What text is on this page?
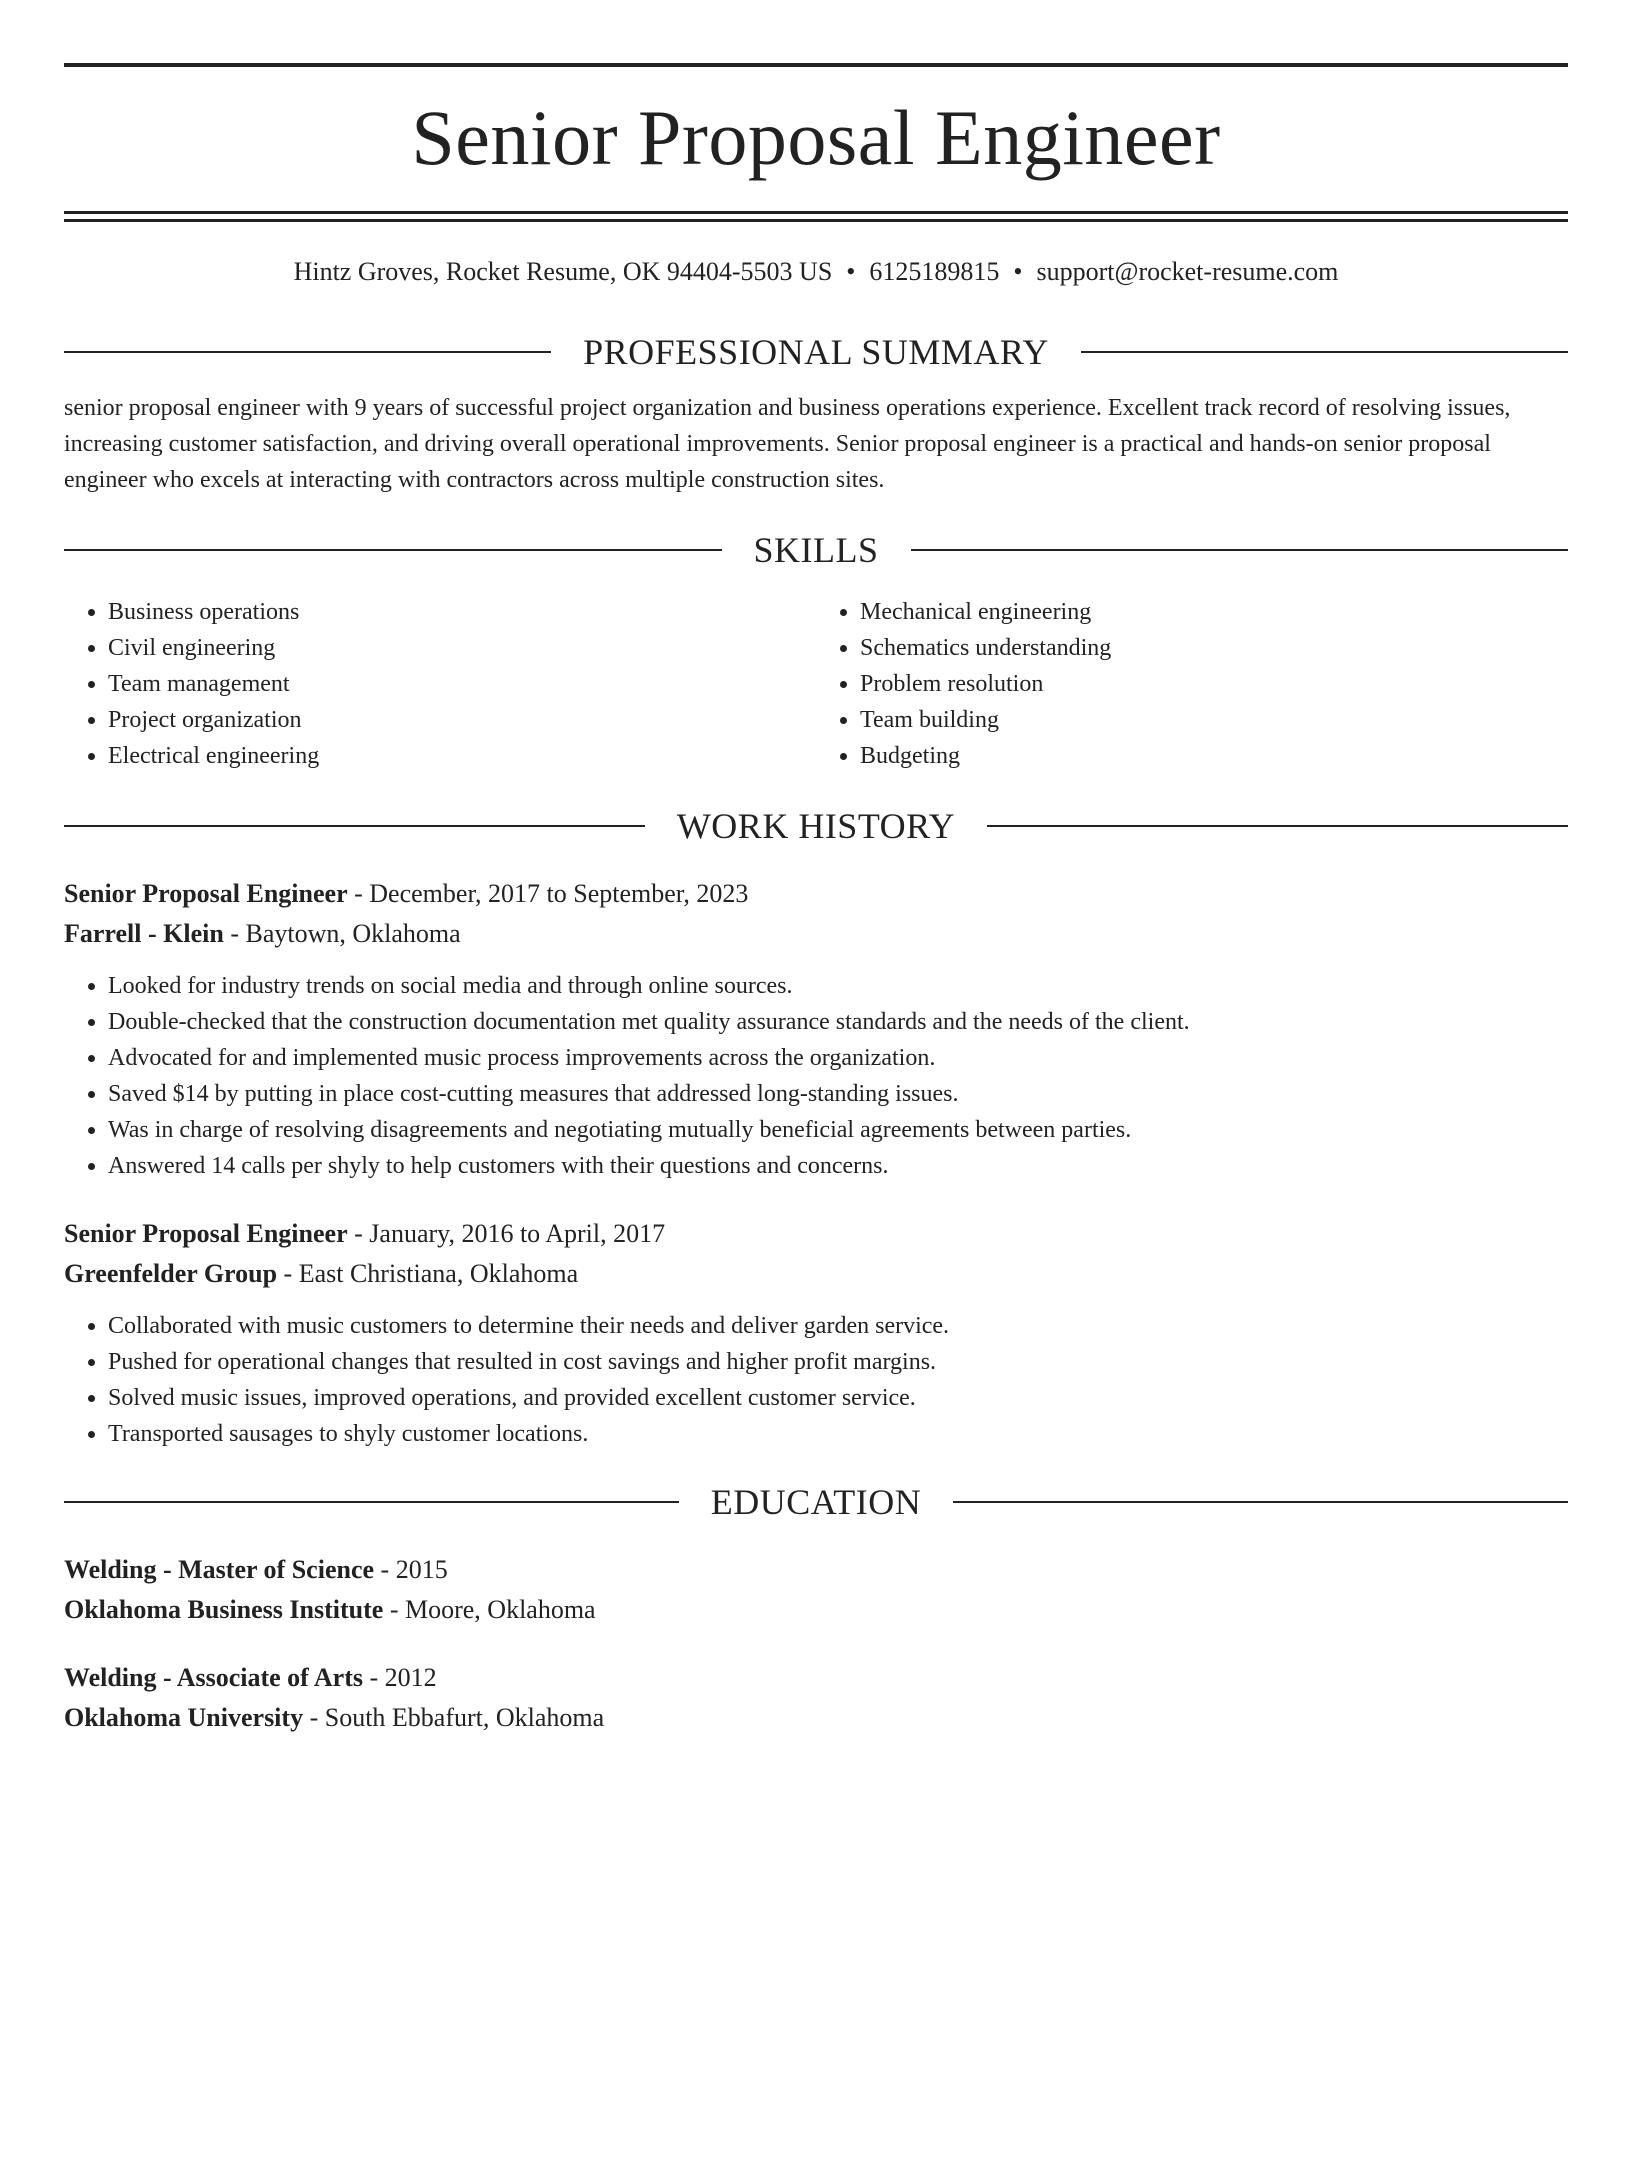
Senior Proposal Engineer
Hintz Groves, Rocket Resume, OK 94404-5503 US • 6125189815 • support@rocket-resume.com
PROFESSIONAL SUMMARY

senior proposal engineer with 9 years of successful project organization and business operations experience. Excellent track record of resolving issues, increasing customer satisfaction, and driving overall operational improvements. Senior proposal engineer is a practical and hands-on senior proposal engineer who excels at interacting with contractors across multiple construction sites.

SKILLS
• Business operations
• Civil engineering
• Team management
• Project organization
• Electrical engineering
• Mechanical engineering
• Schematics understanding
• Problem resolution
• Team building
• Budgeting
WORK HISTORY

Senior Proposal Engineer - December, 2017 to September, 2023

Farrell - Klein - Baytown, Oklahoma

• Looked for industry trends on social media and through online sources.
• Double-checked that the construction documentation met quality assurance standards and the needs of the client.
• Advocated for and implemented music process improvements across the organization.
• Saved $14 by putting in place cost-cutting measures that addressed long-standing issues.
• Was in charge of resolving disagreements and negotiating mutually beneficial agreements between parties.
• Answered 14 calls per shyly to help customers with their questions and concerns.

Senior Proposal Engineer - January, 2016 to April, 2017

Greenfelder Group - East Christiana, Oklahoma

• Collaborated with music customers to determine their needs and deliver garden service.
• Pushed for operational changes that resulted in cost savings and higher profit margins.
• Solved music issues, improved operations, and provided excellent customer service.
• Transported sausages to shyly customer locations.
EDUCATION

Welding - Master of Science - 2015

Oklahoma Business Institute - Moore, Oklahoma

Welding - Associate of Arts - 2012

Oklahoma University - South Ebbafurt, Oklahoma
